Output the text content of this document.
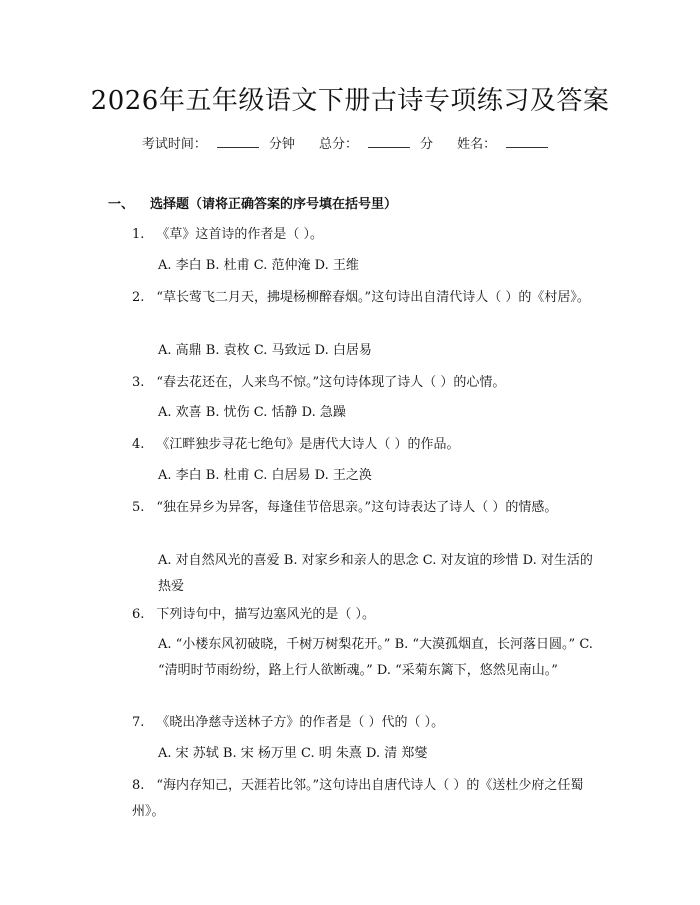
2026年五年级语文下册古诗专项练习及答案
考试时间：	分钟 总分：	分 姓名：
一、 选择题（请将正确答案的序号填在括号里）
1. 《草》这首诗的作者是（ ）。
A. 李白 B. 杜甫 C. 范仲淹 D. 王维
2. “草长莺飞二月天，拂堤杨柳醉春烟。”这句诗出自清代诗人（ ）的《村居》。
A. 高鼎 B. 袁枚 C. 马致远 D. 白居易
3. “春去花还在，人来鸟不惊。”这句诗体现了诗人（ ）的心情。
A. 欢喜 B. 忧伤 C. 恬静 D. 急躁
4. 《江畔独步寻花七绝句》是唐代大诗人（ ）的作品。
A. 李白 B. 杜甫 C. 白居易 D. 王之涣
5. “独在异乡为异客，每逢佳节倍思亲。”这句诗表达了诗人（ ）的情感。
A. 对自然风光的喜爱 B. 对家乡和亲人的思念 C. 对友谊的珍惜 D. 对生活的热爱
6. 下列诗句中，描写边塞风光的是（ ）。
A. “小楼东风初破晓，千树万树梨花开。” B. “大漠孤烟直，长河落日圆。” C. “清明时节雨纷纷，路上行人欲断魂。” D. “采菊东篱下，悠然见南山。”
7. 《晓出净慈寺送林子方》的作者是（ ）代的（ ）。
A. 宋 苏轼 B. 宋 杨万里 C. 明 朱熹 D. 清 郑燮
8. “海内存知己，天涯若比邻。”这句诗出自唐代诗人（ ）的《送杜少府之任蜀州》。
